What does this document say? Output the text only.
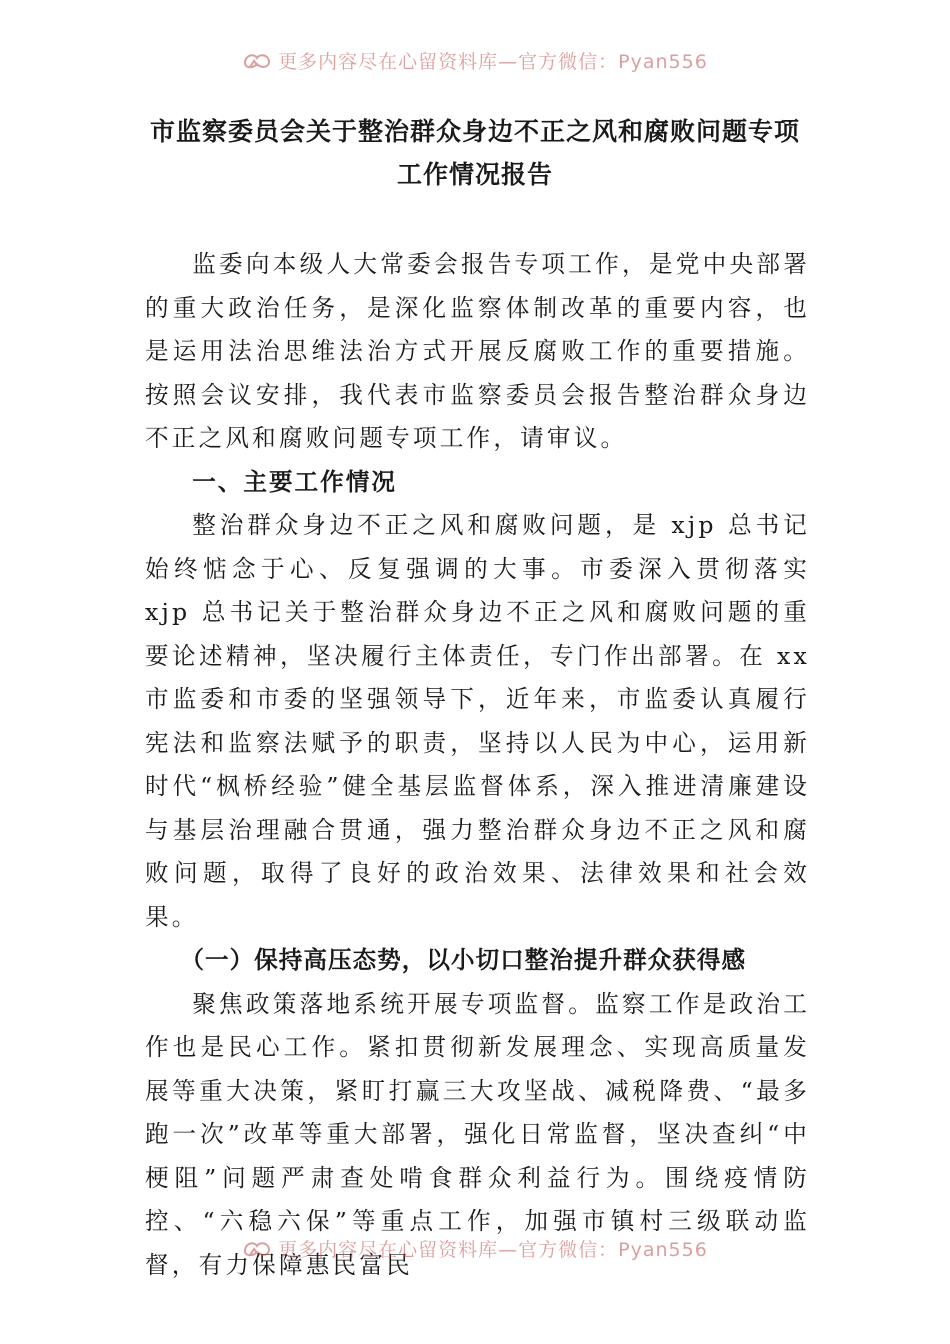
更多内容尽在心留资料库—官方微信：Pyan556
市监察委员会关于整治群众身边不正之风和腐败问题专项
工作情况报告

监委向本级人大常委会报告专项工作，是党中央部署的重大政治任务，是深化监察体制改革的重要内容，也是运用法治思维法治方式开展反腐败工作的重要措施。按照会议安排，我代表市监察委员会报告整治群众身边不正之风和腐败问题专项工作，请审议。

一、主要工作情况

整治群众身边不正之风和腐败问题，是 xjp 总书记始终惦念于心、反复强调的大事。市委深入贯彻落实 xjp 总书记关于整治群众身边不正之风和腐败问题的重要论述精神，坚决履行主体责任，专门作出部署。在 xx 市监委和市委的坚强领导下，近年来，市监委认真履行宪法和监察法赋予的职责，坚持以人民为中心，运用新时代“枫桥经验”健全基层监督体系，深入推进清廉建设与基层治理融合贯通，强力整治群众身边不正之风和腐败问题，取得了良好的政治效果、法律效果和社会效果。

（一）保持高压态势，以小切口整治提升群众获得感

聚焦政策落地系统开展专项监督。监察工作是政治工作也是民心工作。紧扣贯彻新发展理念、实现高质量发展等重大决策，紧盯打赢三大攻坚战、减税降费、“最多跑一次”改革等重大部署，强化日常监督，坚决查纠“中梗阻”问题严肃查处啃食群众利益行为。围绕疫情防控、“六稳六保”等重点工作，加强市镇村三级联动监督，有力保障惠民富民

更多内容尽在心留资料库—官方微信：Pyan556
